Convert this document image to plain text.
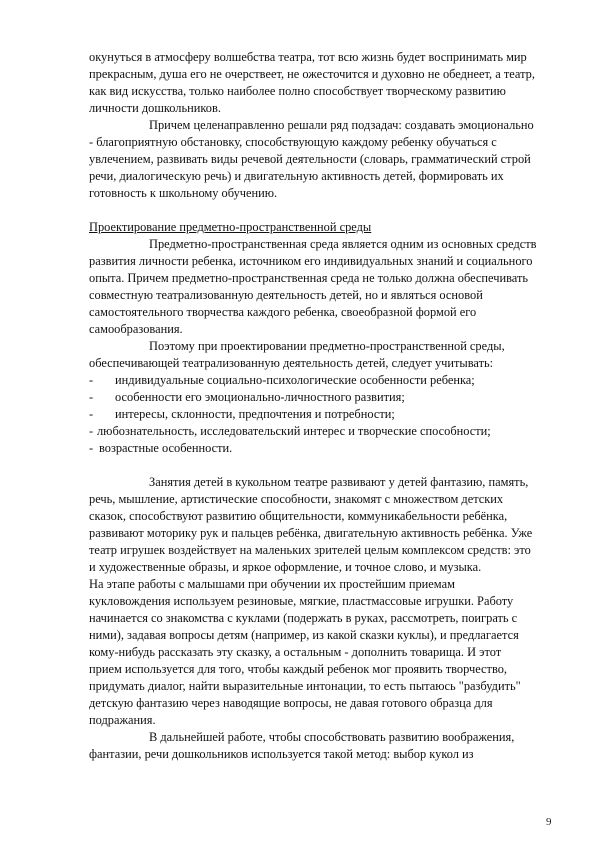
окунуться в атмосферу волшебства театра, тот всю жизнь будет воспринимать мир прекрасным, душа его не очерствеет, не ожесточится и духовно не обеднеет, а театр, как вид искусства, только наиболее полно способствует творческому развитию личности дошкольников.

Причем целенаправленно решали ряд подзадач: создавать эмоционально - благоприятную обстановку, способствующую каждому ребенку обучаться с увлечением, развивать виды речевой деятельности (словарь, грамматический строй речи, диалогическую речь) и двигательную активность детей, формировать их готовность к школьному обучению.

Проектирование предметно-пространственной среды

Предметно-пространственная среда является одним из основных средств развития личности ребенка, источником его индивидуальных знаний и социального опыта. Причем предметно-пространственная среда не только должна обеспечивать совместную театрализованную деятельность детей, но и являться основой самостоятельного творчества каждого ребенка, своеобразной формой его самообразования.

Поэтому при проектировании предметно-пространственной среды, обеспечивающей театрализованную деятельность детей, следует учитывать:

- индивидуальные социально-психологические особенности ребенка;
- особенности его эмоционально-личностного развития;
- интересы, склонности, предпочтения и потребности;
- любознательность, исследовательский интерес и творческие способности;
- возрастные особенности.

Занятия детей в кукольном театре развивают у детей фантазию, память, речь, мышление, артистические способности, знакомят с множеством детских сказок, способствуют развитию общительности, коммуникабельности ребёнка, развивают моторику рук и пальцев ребёнка, двигательную активность ребёнка. Уже театр игрушек воздействует на маленьких зрителей целым комплексом средств: это и художественные образы, и яркое оформление, и точное слово, и музыка.

На этапе работы с малышами при обучении их простейшим приемам кукловождения используем резиновые, мягкие, пластмассовые игрушки. Работу начинается со знакомства с куклами (подержать в руках, рассмотреть, поиграть с ними), задавая вопросы детям (например, из какой сказки куклы), и предлагается кому-нибудь рассказать эту сказку, а остальным - дополнить товарища. И этот прием используется для того, чтобы каждый ребенок мог проявить творчество, придумать диалог, найти выразительные интонации, то есть пытаюсь "разбудить" детскую фантазию через наводящие вопросы, не давая готового образца для подражания.

В дальнейшей работе, чтобы способствовать развитию воображения, фантазии, речи дошкольников используется такой метод: выбор кукол из

9
